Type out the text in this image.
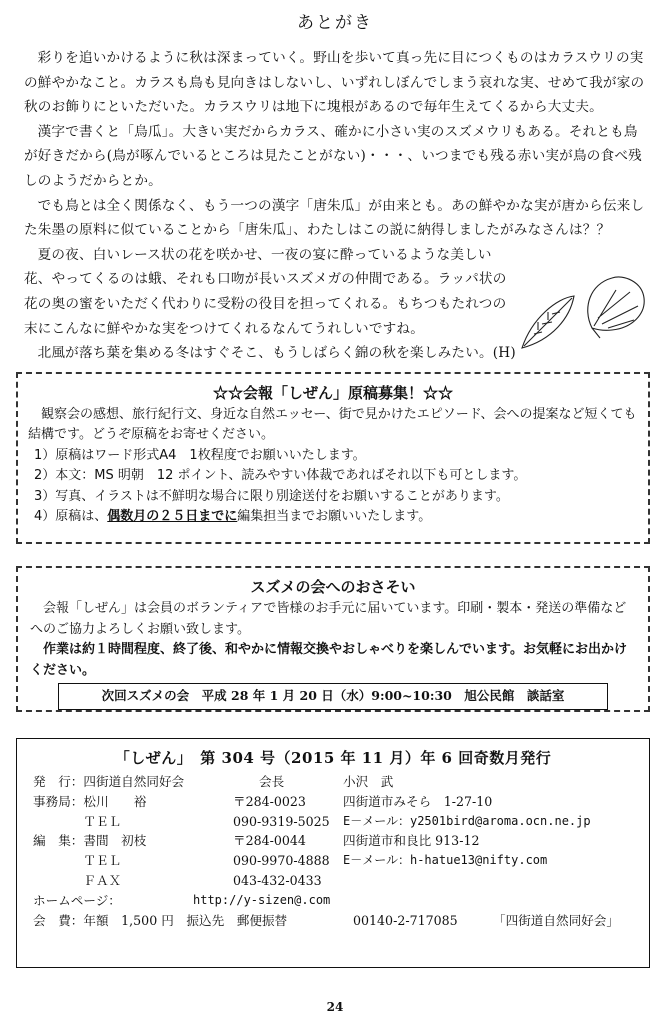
あとがき

彩りを追いかけるように秋は深まっていく。野山を歩いて真っ先に目につくものはカラスウリの実の鮮やかなこと。カラスも鳥も見向きはしないし、いずれしぼんでしまう哀れな実、せめて我が家の秋のお飾りにといただいた。カラスウリは地下に塊根があるので毎年生えてくるから大丈夫。

漢字で書くと「烏瓜」。大きい実だからカラス、確かに小さい実のスズメウリもある。それとも鳥が好きだから(鳥が啄んでいるところは見たことがない)・・・、いつまでも残る赤い実が鳥の食べ残しのようだからとか。

でも鳥とは全く関係なく、もう一つの漢字「唐朱瓜」が由来とも。あの鮮やかな実が唐から伝来した朱墨の原料に似ていることから「唐朱瓜」、わたしはこの説に納得しましたがみなさんは？？

夏の夜、白いレース状の花を咲かせ、一夜の宴に酔っているような美しい花、やってくるのは蛾、それも口吻が長いスズメガの仲間である。ラッパ状の花の奥の蜜をいただく代わりに受粉の役目を担ってくれる。もちつもたれつの末にこんなに鮮やかな実をつけてくれるなんてうれしいですね。

北風が落ち葉を集める冬はすぐそこ、もうしばらく錦の秋を楽しみたい。(H)

☆☆会報「しぜん」原稿募集！☆☆

観察会の感想、旅行紀行文、身近な自然エッセー、街で見かけたエピソード、会への提案など短くても結構です。どうぞ原稿をお寄せください。

1）原稿はワード形式A4　1枚程度でお願いいたします。
2）本文：MS 明朝　12 ポイント、読みやすい体裁であればそれ以下も可とします。
3）写真、イラストは不鮮明な場合に限り別途送付をお願いすることがあります。
4）原稿は、偶数月の２５日までに編集担当までお願いいたします。
スズメの会へのおさそい

会報「しぜん」は会員のボランティアで皆様のお手元に届いています。印刷・製本・発送の準備などへのご協力よろしくお願い致します。

作業は約１時間程度、終了後、和やかに情報交換やおしゃべりを楽しんでいます。お気軽にお出かけください。

次回スズメの会　平成 28 年 1 月 20 日（水）9:00~10:30　旭公民館　談話室
「しぜん」　第 304 号（2015 年 11 月）年 6 回奇数月発行
発　行：四街道自然同好会	会長	小沢　武
事務局：松川　　裕	〒284-0023	四街道市みそら　1-27-10
　　　　ＴＥＬ	090-9319-5025 E－メール：y2501bird@aroma.ocn.ne.jp
編　集：書間　初枝	〒284-0044	四街道市和良比 913-12
　　　　ＴＥＬ	090-9970-4888 E－メール：h-hatue13@nifty.com
　　　　ＦＡＸ	043-432-0433
ホームページ：	http://y-sizen@.com
会　費：年額　1,500 円　振込先　郵便振替	00140-2-717085	「四街道自然同好会」
24
